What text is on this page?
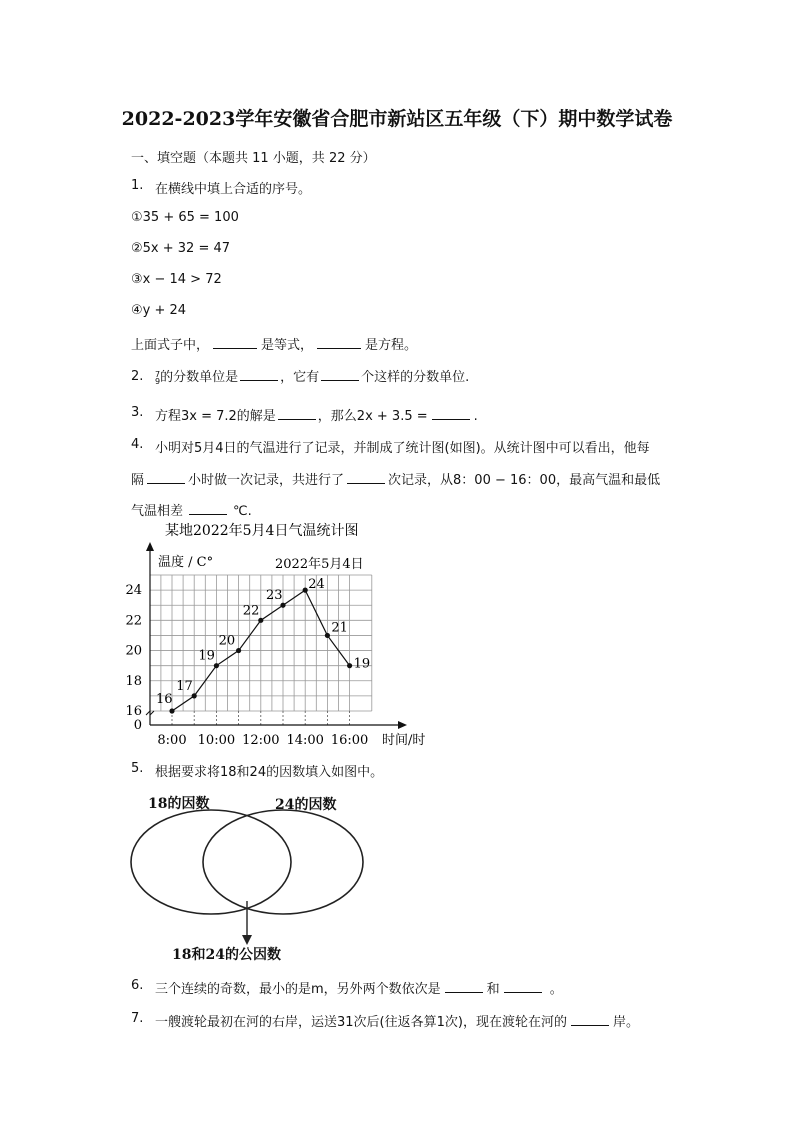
2022-2023学年安徽省合肥市新站区五年级（下）期中数学试卷
一、填空题（本题共 11 小题，共 22 分）
1. 在横线中填上合适的序号。
①35 + 65 = 100
②5x + 32 = 47
③x − 14 > 72
④y + 24
上面式子中，	是等式，	是方程。
2. 7
9 的分数单位是	，它有	个这样的分数单位.
3. 方程3x = 7.2的解是	，那么2x + 3.5 =	.
4. 小明对5月4日的气温进行了记录，并制成了统计图(如图)。从统计图中可以看出，他每
隔	小时做一次记录，共进行了	次记录，从8：00 − 16：00，最高气温和最低
气温相差	℃.
某地2022年5月4日气温统计图
温度 / C°	2022年5月4日
时间/时
0
16
18
20
22
24
8:00 10:00 12:00 14:00 16:00
16
17
19
20
22
23
24
21
19
5. 根据要求将18和24的因数填入如图中。
18的因数	24的因数
18和24的公因数
6. 三个连续的奇数，最小的是m，另外两个数依次是	和	。
7. 一艘渡轮最初在河的右岸，运送31次后(往返各算1次)，现在渡轮在河的	岸。
